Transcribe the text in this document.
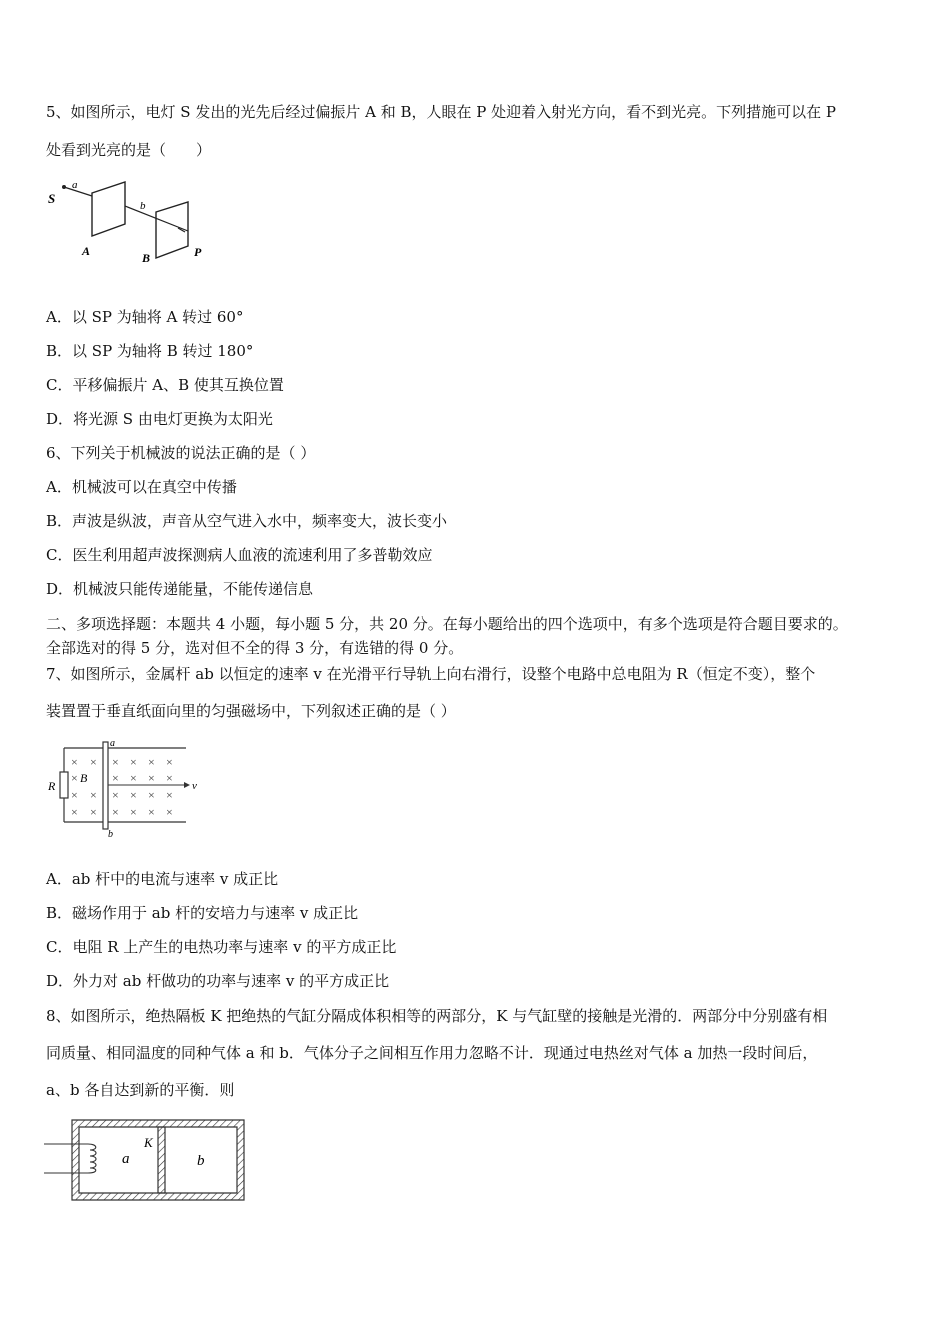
5、如图所示，电灯 S 发出的光先后经过偏振片 A 和 B，人眼在 P 处迎着入射光方向，看不到光亮。下列措施可以在 P
处看到光亮的是（　　）
S
a
b
A	B	P
A．以 SP 为轴将 A 转过 60°
B．以 SP 为轴将 B 转过 180°
C．平移偏振片 A、B 使其互换位置
D．将光源 S 由电灯更换为太阳光
6、下列关于机械波的说法正确的是（ ）
A．机械波可以在真空中传播
B．声波是纵波，声音从空气进入水中，频率变大，波长变小
C．医生利用超声波探测病人血液的流速利用了多普勒效应
D．机械波只能传递能量，不能传递信息
二、多项选择题：本题共 4 小题，每小题 5 分，共 20 分。在每小题给出的四个选项中，有多个选项是符合题目要求的。
全部选对的得 5 分，选对但不全的得 3 分，有选错的得 0 分。
7、如图所示，金属杆 ab 以恒定的速率 v 在光滑平行导轨上向右滑行，设整个电路中总电阻为 R（恒定不变），整个
装置置于垂直纸面向里的匀强磁场中，下列叙述正确的是（ ）
× ×
×
× ×
× ×
× × × ×
× × × ×
× × × ×
× × × ×
B
v
R
a
b
A．ab 杆中的电流与速率 v 成正比
B．磁场作用于 ab 杆的安培力与速率 v 成正比
C．电阻 R 上产生的电热功率与速率 v 的平方成正比
D．外力对 ab 杆做功的功率与速率 v 的平方成正比
8、如图所示，绝热隔板 K 把绝热的气缸分隔成体积相等的两部分，K 与气缸壁的接触是光滑的．两部分中分别盛有相
同质量、相同温度的同种气体 a 和 b．气体分子之间相互作用力忽略不计．现通过电热丝对气体 a 加热一段时间后，
a、b 各自达到新的平衡．则
a	b
K
